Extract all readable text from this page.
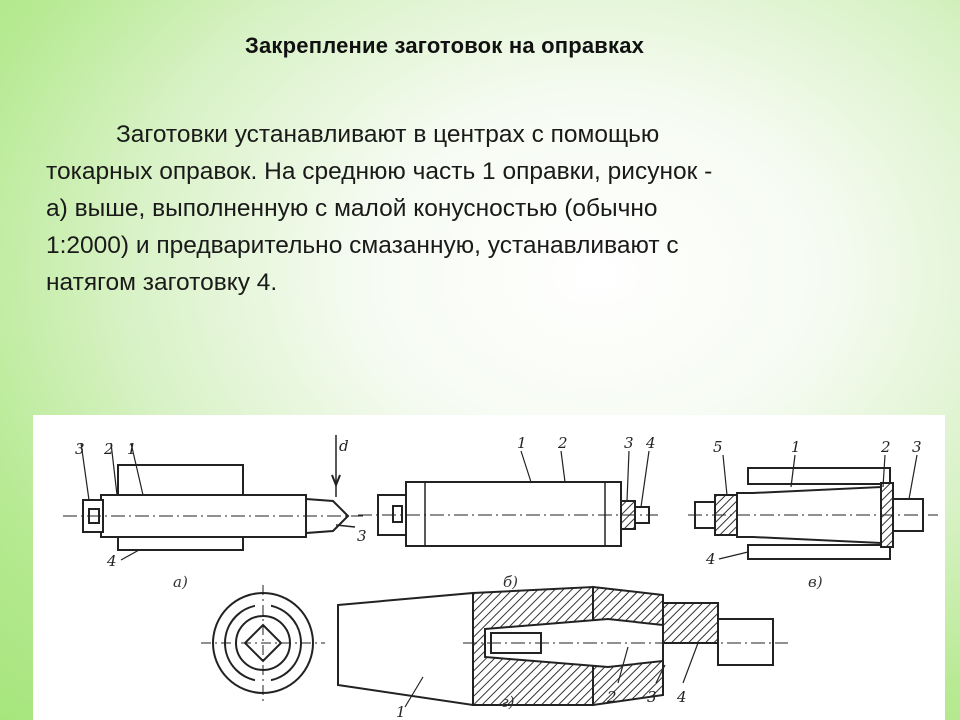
Закрепление заготовок на оправках
Заготовки устанавливают в центрах с помощью
токарных оправок. На среднюю часть 1 оправки, рисунок -
а) выше, выполненную с малой конусностью (обычно
1:2000) и предварительно смазанную, устанавливают с
натягом заготовку 4.
3 2 1
4
3
d
а)
1 2	3 4
б)
5	1	2 3
4
в)
1
2 3 4
г)
